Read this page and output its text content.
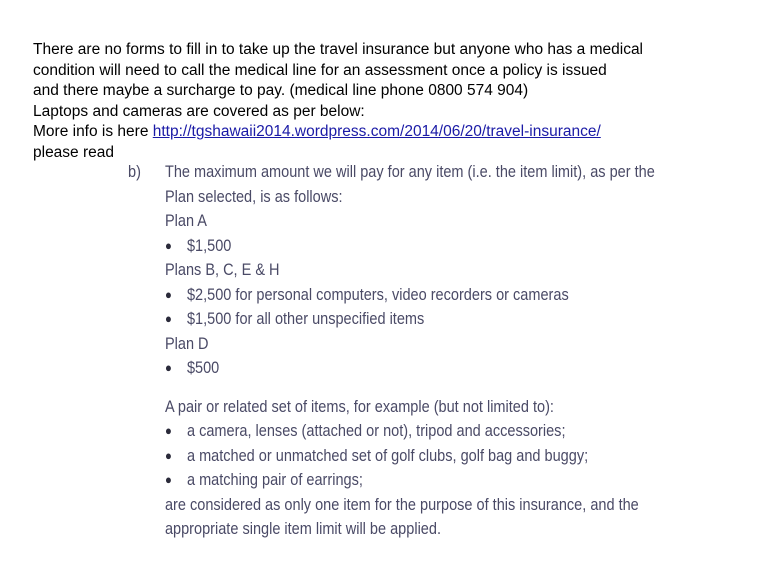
There are no forms to fill in to take up the travel insurance but anyone who has a medical
condition will need to call the medical line for an assessment once a policy is issued
and there maybe a surcharge to pay. (medical line phone 0800 574 904)
Laptops and cameras are covered as per below:
More info is here http://tgshawaii2014.wordpress.com/2014/06/20/travel-insurance/
please read
b) The maximum amount we will pay for any item (i.e. the item limit), as per the
Plan selected, is as follows:
Plan A
● $1,500
Plans B, C, E & H
● $2,500 for personal computers, video recorders or cameras
● $1,500 for all other unspecified items
Plan D
● $500
A pair or related set of items, for example (but not limited to):
● a camera, lenses (attached or not), tripod and accessories;
● a matched or unmatched set of golf clubs, golf bag and buggy;
● a matching pair of earrings;
are considered as only one item for the purpose of this insurance, and the
appropriate single item limit will be applied.
